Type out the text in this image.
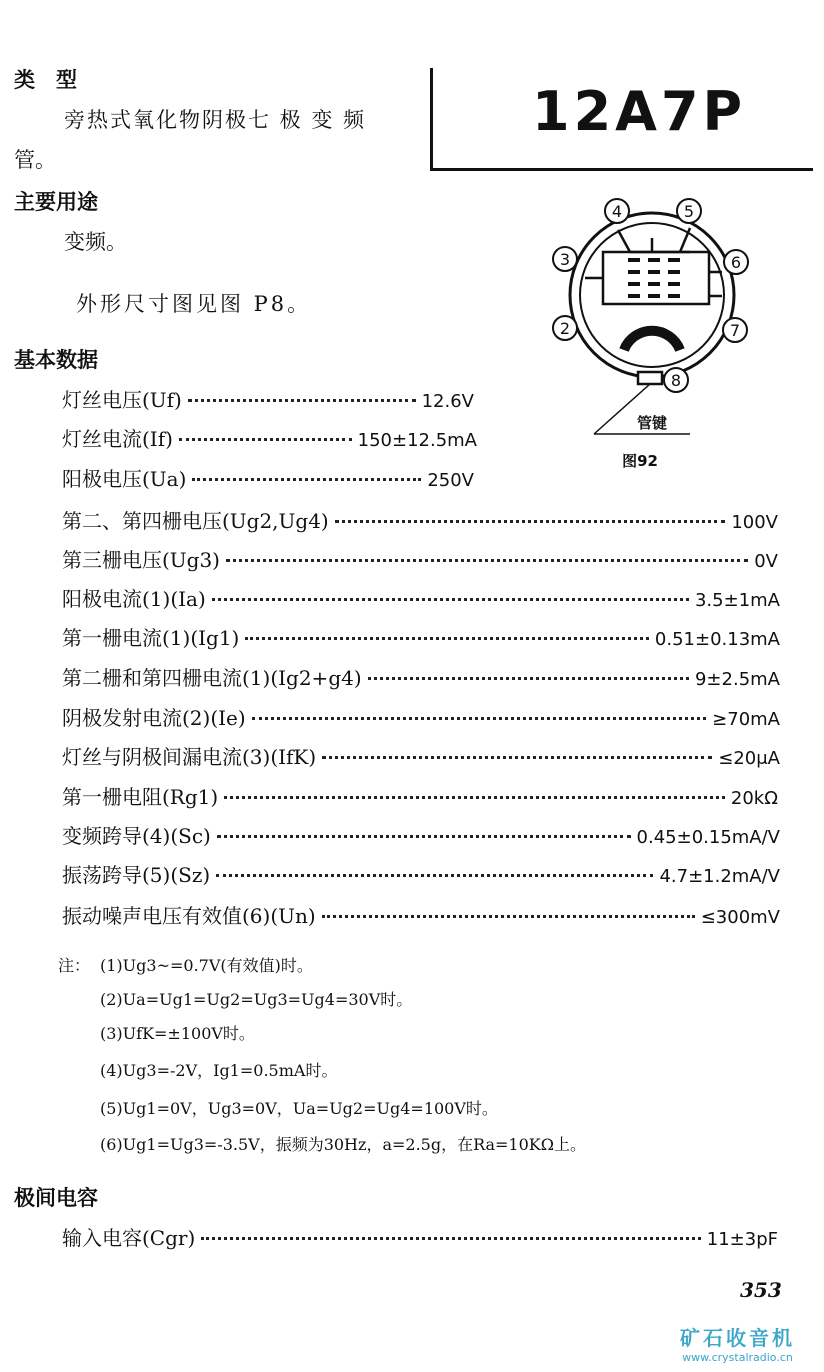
类　型
旁热式氧化物阴极七 极 变 频
管。
12A7P
主要用途
变频。
外形尺寸图见图 P8。
8
7
6
5
4
3
2
管键
图92
基本数据
灯丝电压(Uf)	12.6V
灯丝电流(If)	150±12.5mA
阳极电压(Ua)	250V
第二、第四栅电压(Ug2,Ug4)	100V
第三栅电压(Ug3)	0V
阳极电流(1)(Ia)	3.5±1mA
第一栅电流(1)(Ig1)	0.51±0.13mA
第二栅和第四栅电流(1)(Ig2+g4)	9±2.5mA
阴极发射电流(2)(Ie)	≥70mA
灯丝与阴极间漏电流(3)(IfK)	≤20μA
第一栅电阻(Rg1)	20kΩ
变频跨导(4)(Sc)	0.45±0.15mA/V
振荡跨导(5)(Sz)	4.7±1.2mA/V
振动噪声电压有效值(6)(Un)	≤300mV
注： (1)Ug3~=0.7V(有效值)时。
(2)Ua=Ug1=Ug2=Ug3=Ug4=30V时。
(3)UfK=±100V时。
(4)Ug3=-2V，Ig1=0.5mA时。
(5)Ug1=0V，Ug3=0V，Ua=Ug2=Ug4=100V时。
(6)Ug1=Ug3=-3.5V，振频为30Hz，a=2.5g，在Ra=10KΩ上。
极间电容
输入电容(Cgr)	11±3pF
353
矿石收音机
www.crystalradio.cn
